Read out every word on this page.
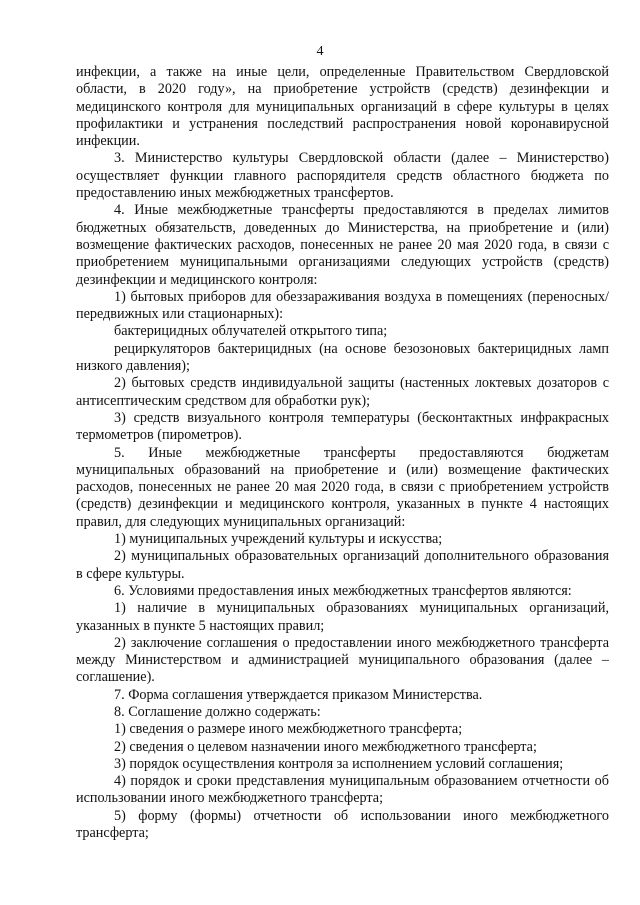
4

инфекции, а также на иные цели, определенные Правительством Свердловской области, в 2020 году», на приобретение устройств (средств) дезинфекции и медицинского контроля для муниципальных организаций в сфере культуры в целях профилактики и устранения последствий распространения новой коронавирусной инфекции.

3. Министерство культуры Свердловской области (далее – Министерство) осуществляет функции главного распорядителя средств областного бюджета по предоставлению иных межбюджетных трансфертов.

4. Иные межбюджетные трансферты предоставляются в пределах лимитов бюджетных обязательств, доведенных до Министерства, на приобретение и (или) возмещение фактических расходов, понесенных не ранее 20 мая 2020 года, в связи с приобретением муниципальными организациями следующих устройств (средств) дезинфекции и медицинского контроля:

1) бытовых приборов для обеззараживания воздуха в помещениях (переносных/передвижных или стационарных):

бактерицидных облучателей открытого типа;

рециркуляторов бактерицидных (на основе безозоновых бактерицидных ламп низкого давления);

2) бытовых средств индивидуальной защиты (настенных локтевых дозаторов с антисептическим средством для обработки рук);

3) средств визуального контроля температуры (бесконтактных инфракрасных термометров (пирометров).

5. Иные межбюджетные трансферты предоставляются бюджетам муниципальных образований на приобретение и (или) возмещение фактических расходов, понесенных не ранее 20 мая 2020 года, в связи с приобретением устройств (средств) дезинфекции и медицинского контроля, указанных в пункте 4 настоящих правил, для следующих муниципальных организаций:

1) муниципальных учреждений культуры и искусства;

2) муниципальных образовательных организаций дополнительного образования в сфере культуры.

6. Условиями предоставления иных межбюджетных трансфертов являются:

1) наличие в муниципальных образованиях муниципальных организаций, указанных в пункте 5 настоящих правил;

2) заключение соглашения о предоставлении иного межбюджетного трансферта между Министерством и администрацией муниципального образования (далее – соглашение).

7. Форма соглашения утверждается приказом Министерства.

8. Соглашение должно содержать:

1) сведения о размере иного межбюджетного трансферта;

2) сведения о целевом назначении иного межбюджетного трансферта;

3) порядок осуществления контроля за исполнением условий соглашения;

4) порядок и сроки представления муниципальным образованием отчетности об использовании иного межбюджетного трансферта;

5) форму (формы) отчетности об использовании иного межбюджетного трансферта;
